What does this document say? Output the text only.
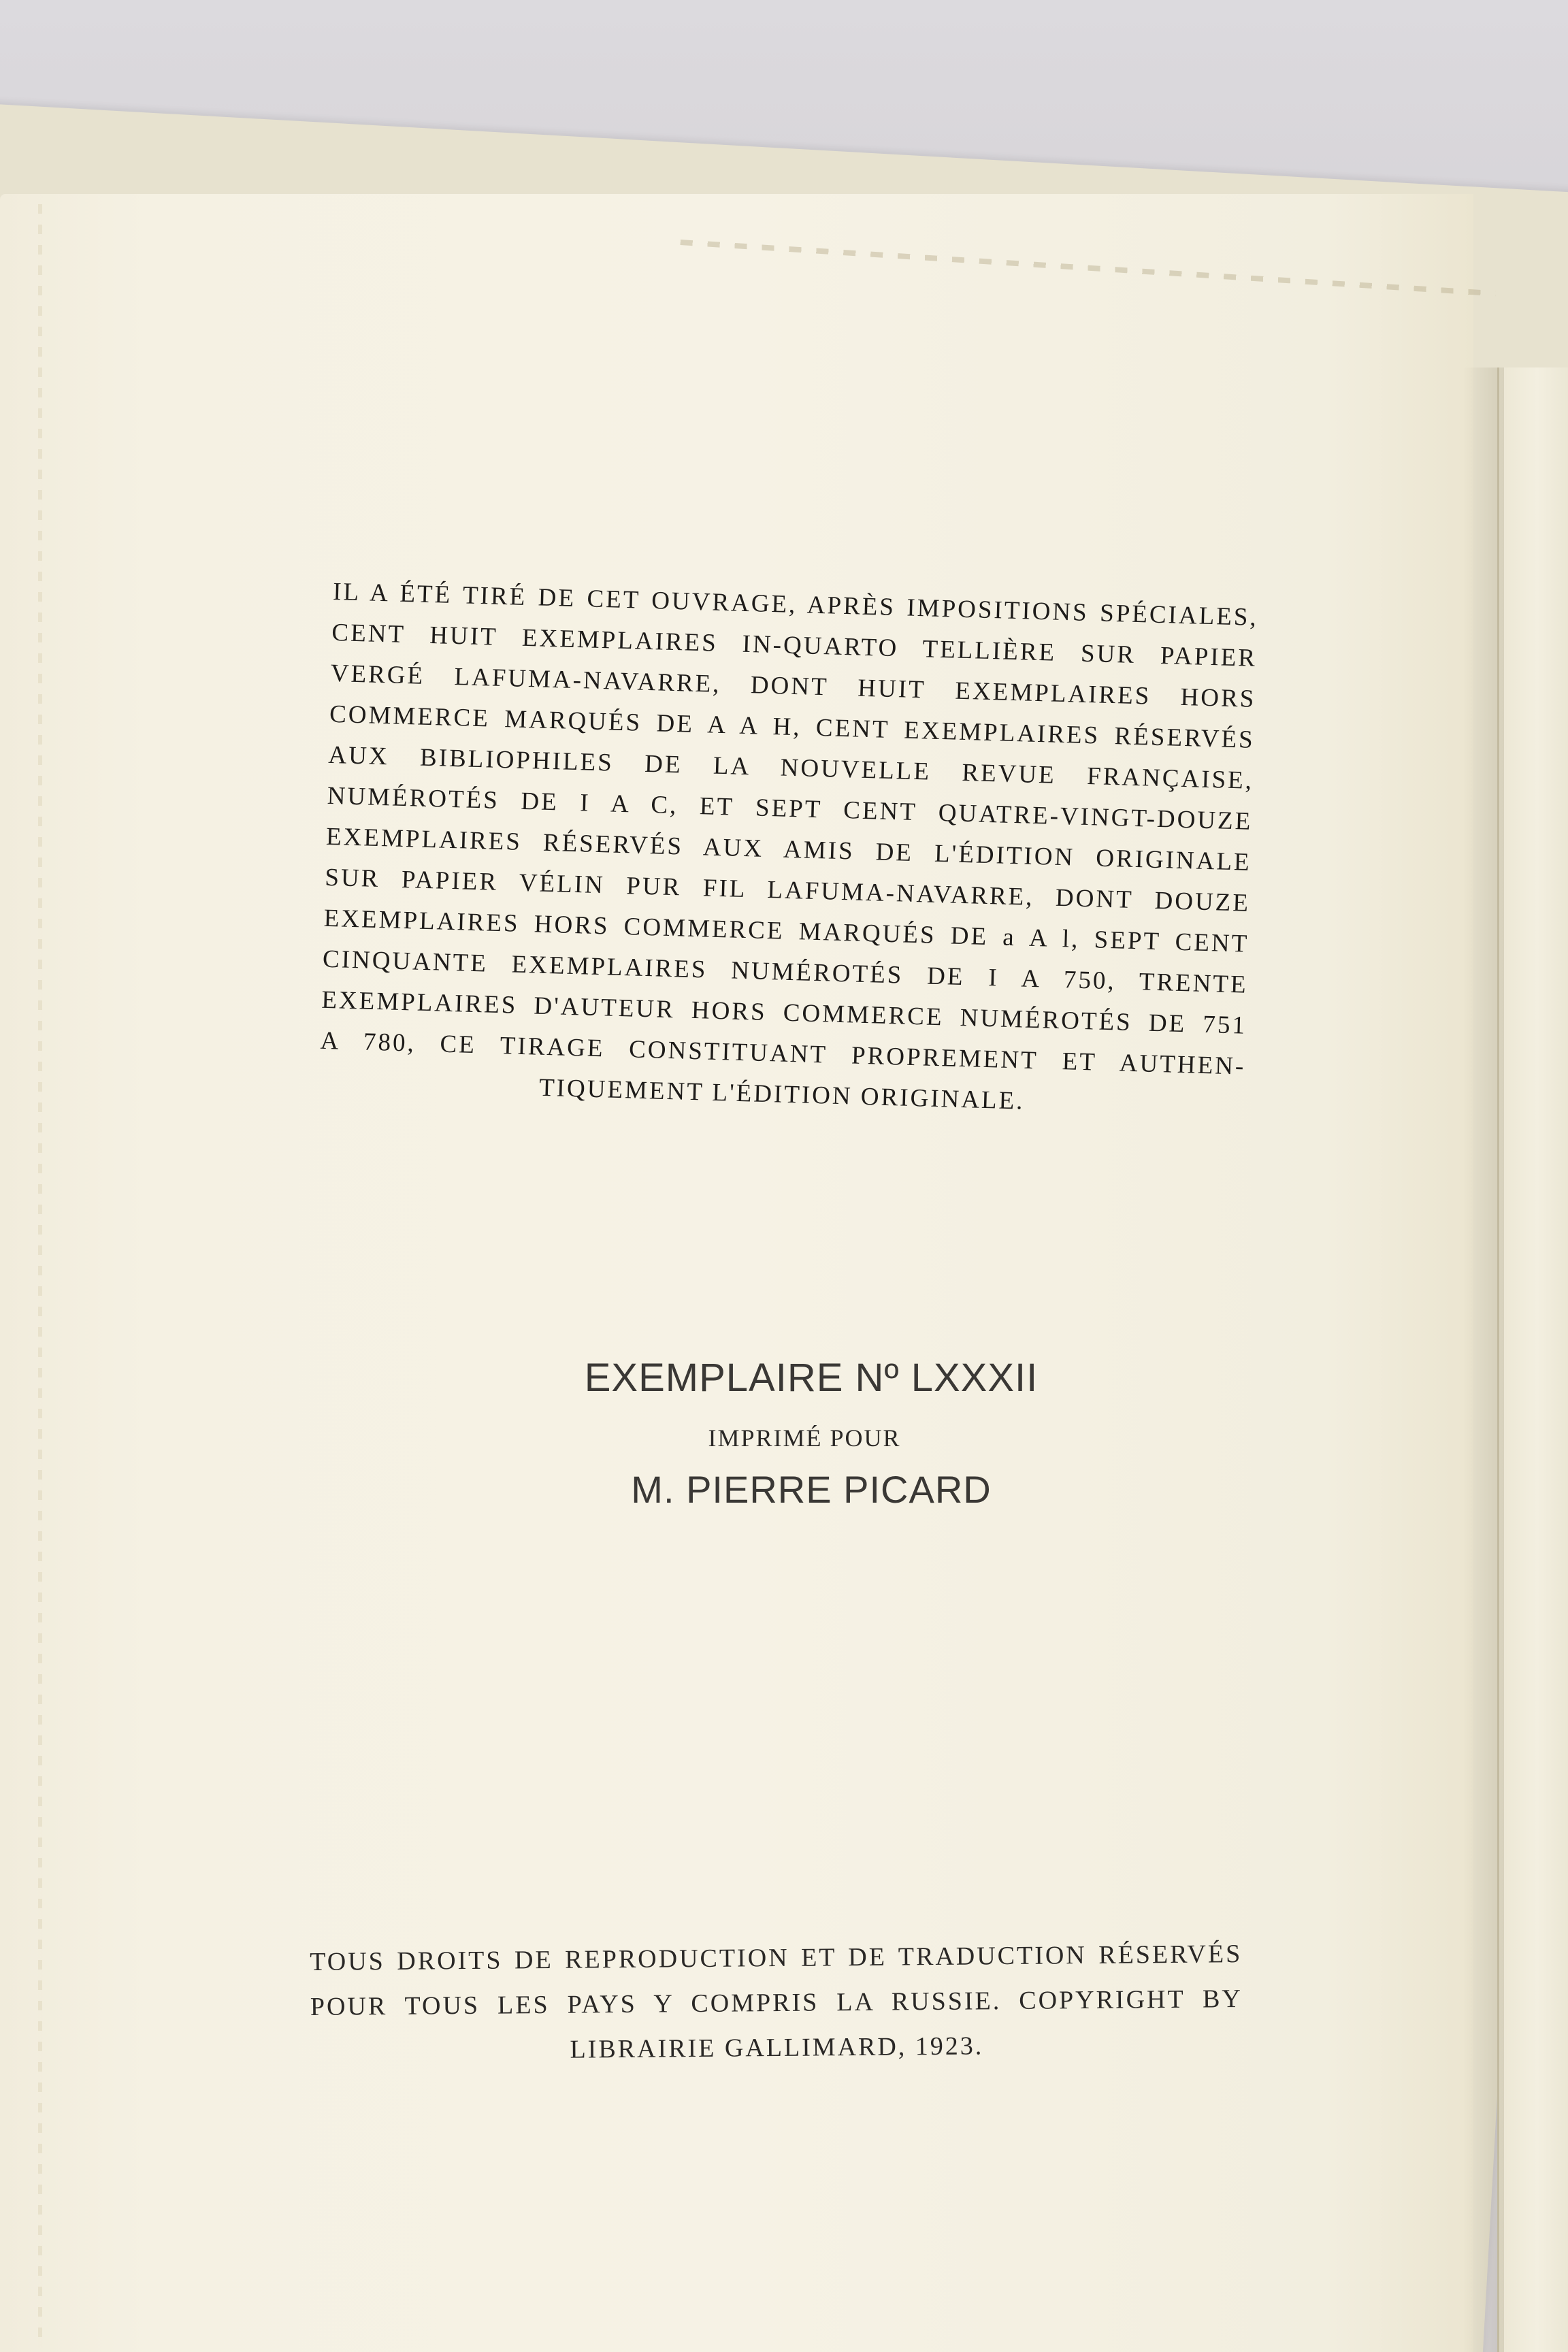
IL A ÉTÉ TIRÉ DE CET OUVRAGE, APRÈS IMPOSITIONS SPÉCIALES,
CENT HUIT EXEMPLAIRES IN-QUARTO TELLIÈRE SUR PAPIER
VERGÉ LAFUMA-NAVARRE, DONT HUIT EXEMPLAIRES HORS
COMMERCE MARQUÉS DE A A H, CENT EXEMPLAIRES RÉSERVÉS
AUX BIBLIOPHILES DE LA NOUVELLE REVUE FRANÇAISE,
NUMÉROTÉS DE I A C, ET SEPT CENT QUATRE-VINGT-DOUZE
EXEMPLAIRES RÉSERVÉS AUX AMIS DE L'ÉDITION ORIGINALE
SUR PAPIER VÉLIN PUR FIL LAFUMA-NAVARRE, DONT DOUZE
EXEMPLAIRES HORS COMMERCE MARQUÉS DE a A l, SEPT CENT
CINQUANTE EXEMPLAIRES NUMÉROTÉS DE I A 750, TRENTE
EXEMPLAIRES D'AUTEUR HORS COMMERCE NUMÉROTÉS DE 751
A 780, CE TIRAGE CONSTITUANT PROPREMENT ET AUTHEN-
TIQUEMENT L'ÉDITION ORIGINALE.
EXEMPLAIRE Nº LXXXII
IMPRIMÉ POUR
M. PIERRE PICARD
TOUS DROITS DE REPRODUCTION ET DE TRADUCTION RÉSERVÉS
POUR TOUS LES PAYS Y COMPRIS LA RUSSIE. COPYRIGHT BY
LIBRAIRIE GALLIMARD, 1923.
